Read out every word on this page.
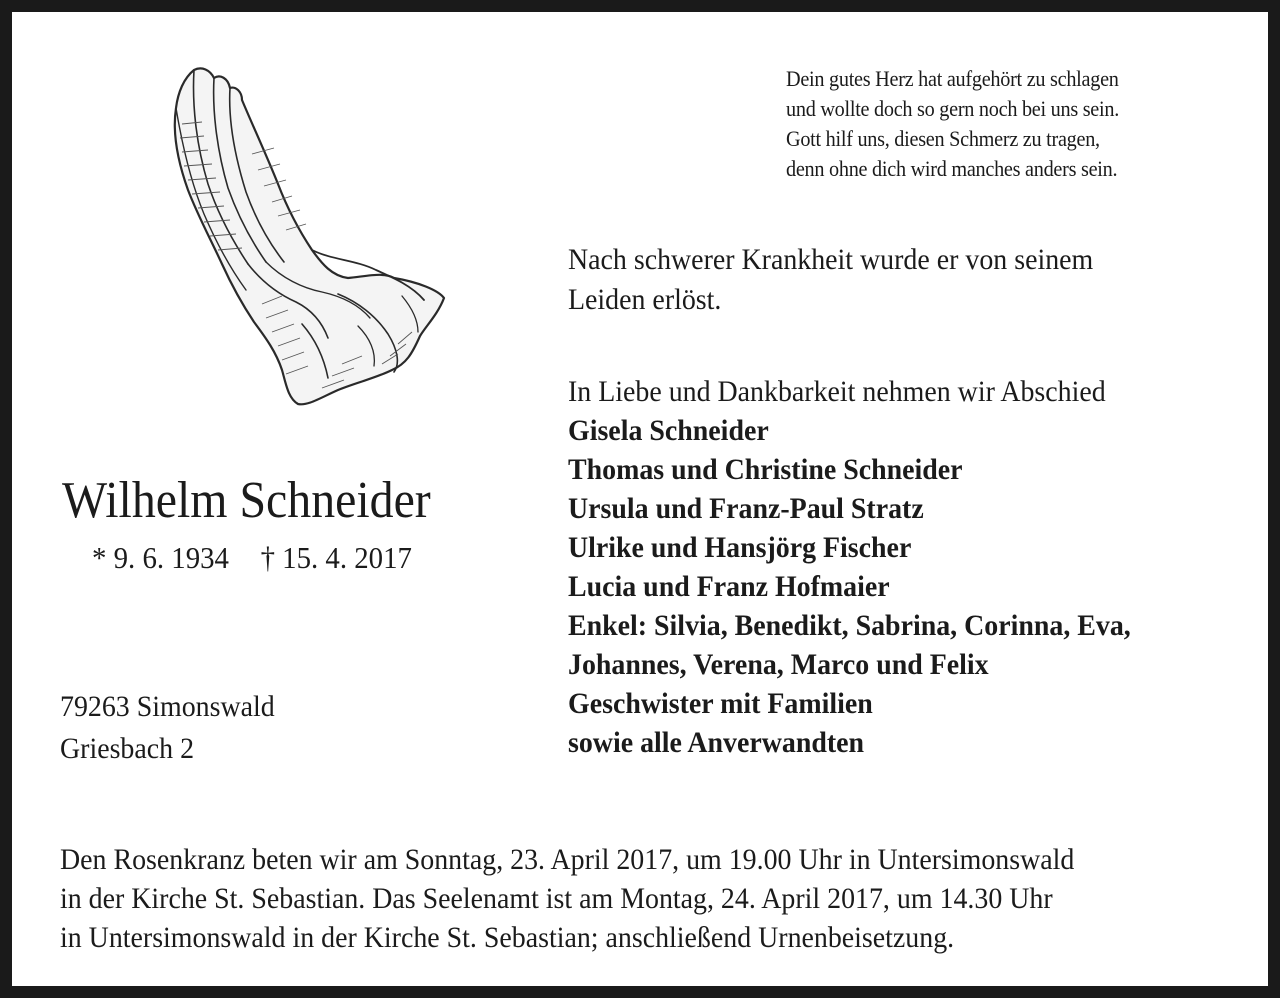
Dein gutes Herz hat aufgehört zu schlagen
und wollte doch so gern noch bei uns sein.
Gott hilf uns, diesen Schmerz zu tragen,
denn ohne dich wird manches anders sein.
Nach schwerer Krankheit wurde er von seinem
Leiden erlöst.
In Liebe und Dankbarkeit nehmen wir Abschied
Gisela Schneider
Thomas und Christine Schneider
Ursula und Franz-Paul Stratz
Ulrike und Hansjörg Fischer
Lucia und Franz Hofmaier
Enkel: Silvia, Benedikt, Sabrina, Corinna, Eva,
Johannes, Verena, Marco und Felix
Geschwister mit Familien
sowie alle Anverwandten
Wilhelm Schneider
* 9. 6. 1934 † 15. 4. 2017
79263 Simonswald
Griesbach 2
Den Rosenkranz beten wir am Sonntag, 23. April 2017, um 19.00 Uhr in Untersimonswald
in der Kirche St. Sebastian. Das Seelenamt ist am Montag, 24. April 2017, um 14.30 Uhr
in Untersimonswald in der Kirche St. Sebastian; anschließend Urnenbeisetzung.
